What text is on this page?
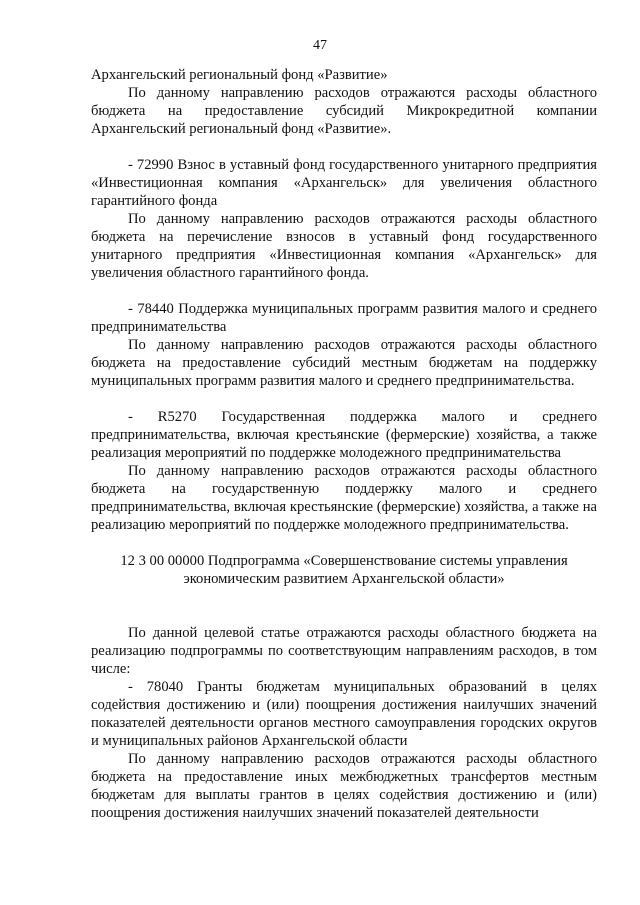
47

Архангельский региональный фонд «Развитие»

По данному направлению расходов отражаются расходы областного бюджета на предоставление субсидий Микрокредитной компании Архангельский региональный фонд «Развитие».

- 72990 Взнос в уставный фонд государственного унитарного предприятия «Инвестиционная компания «Архангельск» для увеличения областного гарантийного фонда

По данному направлению расходов отражаются расходы областного бюджета на перечисление взносов в уставный фонд государственного унитарного предприятия «Инвестиционная компания «Архангельск» для увеличения областного гарантийного фонда.

- 78440 Поддержка муниципальных программ развития малого и среднего предпринимательства

По данному направлению расходов отражаются расходы областного бюджета на предоставление субсидий местным бюджетам на поддержку муниципальных программ развития малого и среднего предпринимательства.

- R5270 Государственная поддержка малого и среднего предпринимательства, включая крестьянские (фермерские) хозяйства, а также реализация мероприятий по поддержке молодежного предпринимательства

По данному направлению расходов отражаются расходы областного бюджета на государственную поддержку малого и среднего предпринимательства, включая крестьянские (фермерские) хозяйства, а также на реализацию мероприятий по поддержке молодежного предпринимательства.

12 3 00 00000 Подпрограмма «Совершенствование системы управления
экономическим развитием Архангельской области»

По данной целевой статье отражаются расходы областного бюджета на реализацию подпрограммы по соответствующим направлениям расходов, в том числе:

- 78040 Гранты бюджетам муниципальных образований в целях содействия достижению и (или) поощрения достижения наилучших значений показателей деятельности органов местного самоуправления городских округов и муниципальных районов Архангельской области

По данному направлению расходов отражаются расходы областного бюджета на предоставление иных межбюджетных трансфертов местным бюджетам для выплаты грантов в целях содействия достижению и (или) поощрения достижения наилучших значений показателей деятельности
